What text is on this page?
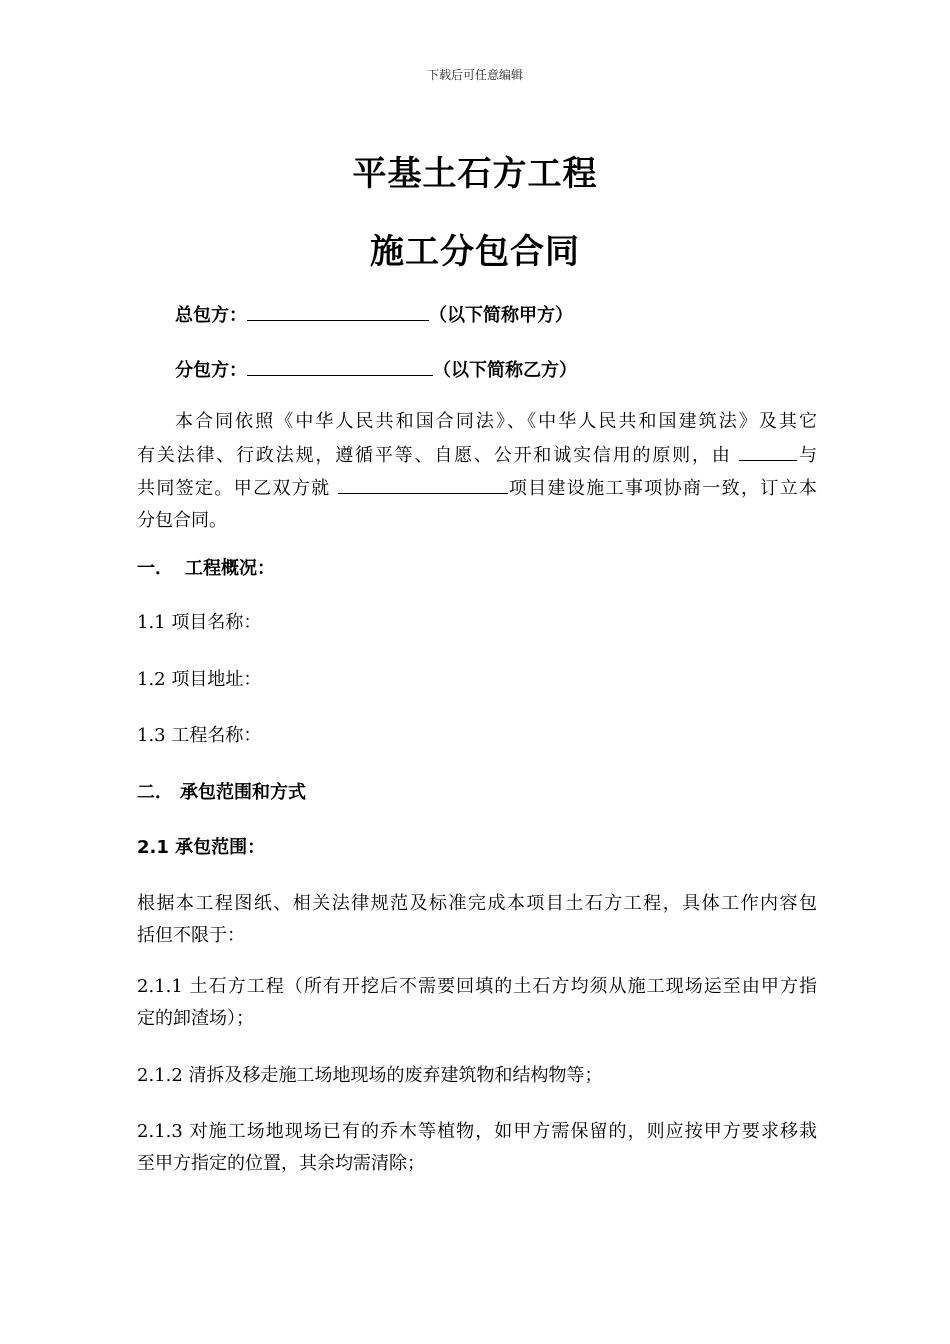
下载后可任意编辑
平基土石方工程
施工分包合同
总包方：	（以下简称甲方）
分包方：	（以下简称乙方）
本合同依照《中华人民共和国合同法》、《中华人民共和国建筑法》及其它
有关法律、行政法规，遵循平等、自愿、公开和诚实信用的原则，由	与
共同签定。甲乙双方就	项目建设施工事项协商一致，订立本
分包合同。
一． 工程概况：
1.1 项目名称：
1.2 项目地址：
1.3 工程名称：
二． 承包范围和方式
2.1 承包范围：
根据本工程图纸、相关法律规范及标准完成本项目土石方工程，具体工作内容包
括但不限于：
2.1.1 土石方工程（所有开挖后不需要回填的土石方均须从施工现场运至由甲方指
定的卸渣场）；
2.1.2 清拆及移走施工场地现场的废弃建筑物和结构物等；
2.1.3 对施工场地现场已有的乔木等植物，如甲方需保留的，则应按甲方要求移栽
至甲方指定的位置，其余均需清除；
